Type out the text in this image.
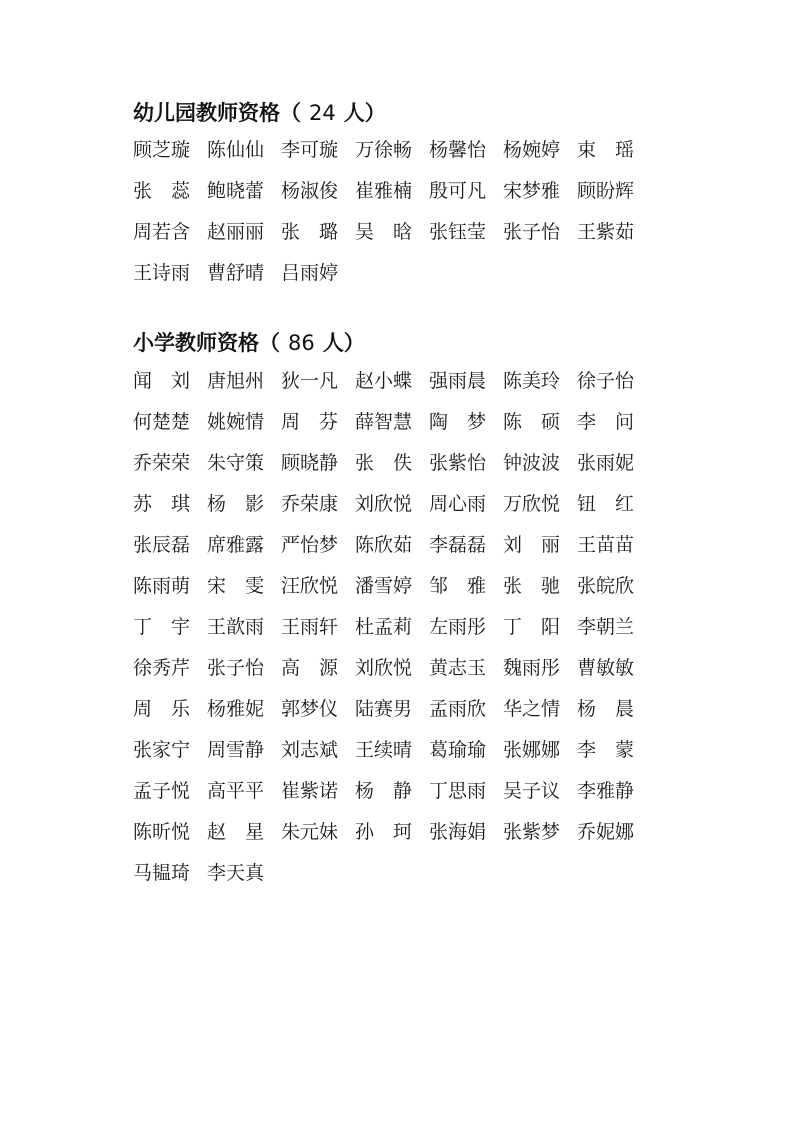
幼儿园教师资格（ 24 人）
顾芝璇 陈仙仙 李可璇 万徐畅 杨馨怡 杨婉婷 束　瑶
张　蕊 鲍晓蕾 杨淑俊 崔雅楠 殷可凡 宋梦雅 顾盼辉
周若含 赵丽丽 张　璐 吴　晗 张钰莹 张子怡 王紫茹
王诗雨 曹舒晴 吕雨婷
小学教师资格（ 86 人）
闻　刘 唐旭州 狄一凡 赵小蝶 强雨晨 陈美玲 徐子怡
何楚楚 姚婉情 周　芬 薛智慧 陶　梦 陈　硕 李　问
乔荣荣 朱守策 顾晓静 张　佚 张紫怡 钟波波 张雨妮
苏　琪 杨　影 乔荣康 刘欣悦 周心雨 万欣悦 钮　红
张辰磊 席雅露 严怡梦 陈欣茹 李磊磊 刘　丽 王苗苗
陈雨萌 宋　雯 汪欣悦 潘雪婷 邹　雅 张　驰 张皖欣
丁　宇 王歆雨 王雨轩 杜孟莉 左雨彤 丁　阳 李朝兰
徐秀芹 张子怡 高　源 刘欣悦 黄志玉 魏雨彤 曹敏敏
周　乐 杨雅妮 郭梦仪 陆赛男 孟雨欣 华之情 杨　晨
张家宁 周雪静 刘志斌 王续晴 葛瑜瑜 张娜娜 李　蒙
孟子悦 高平平 崔紫诺 杨　静 丁思雨 吴子议 李雅静
陈昕悦 赵　星 朱元妹 孙　珂 张海娟 张紫梦 乔妮娜
马韫琦 李天真
